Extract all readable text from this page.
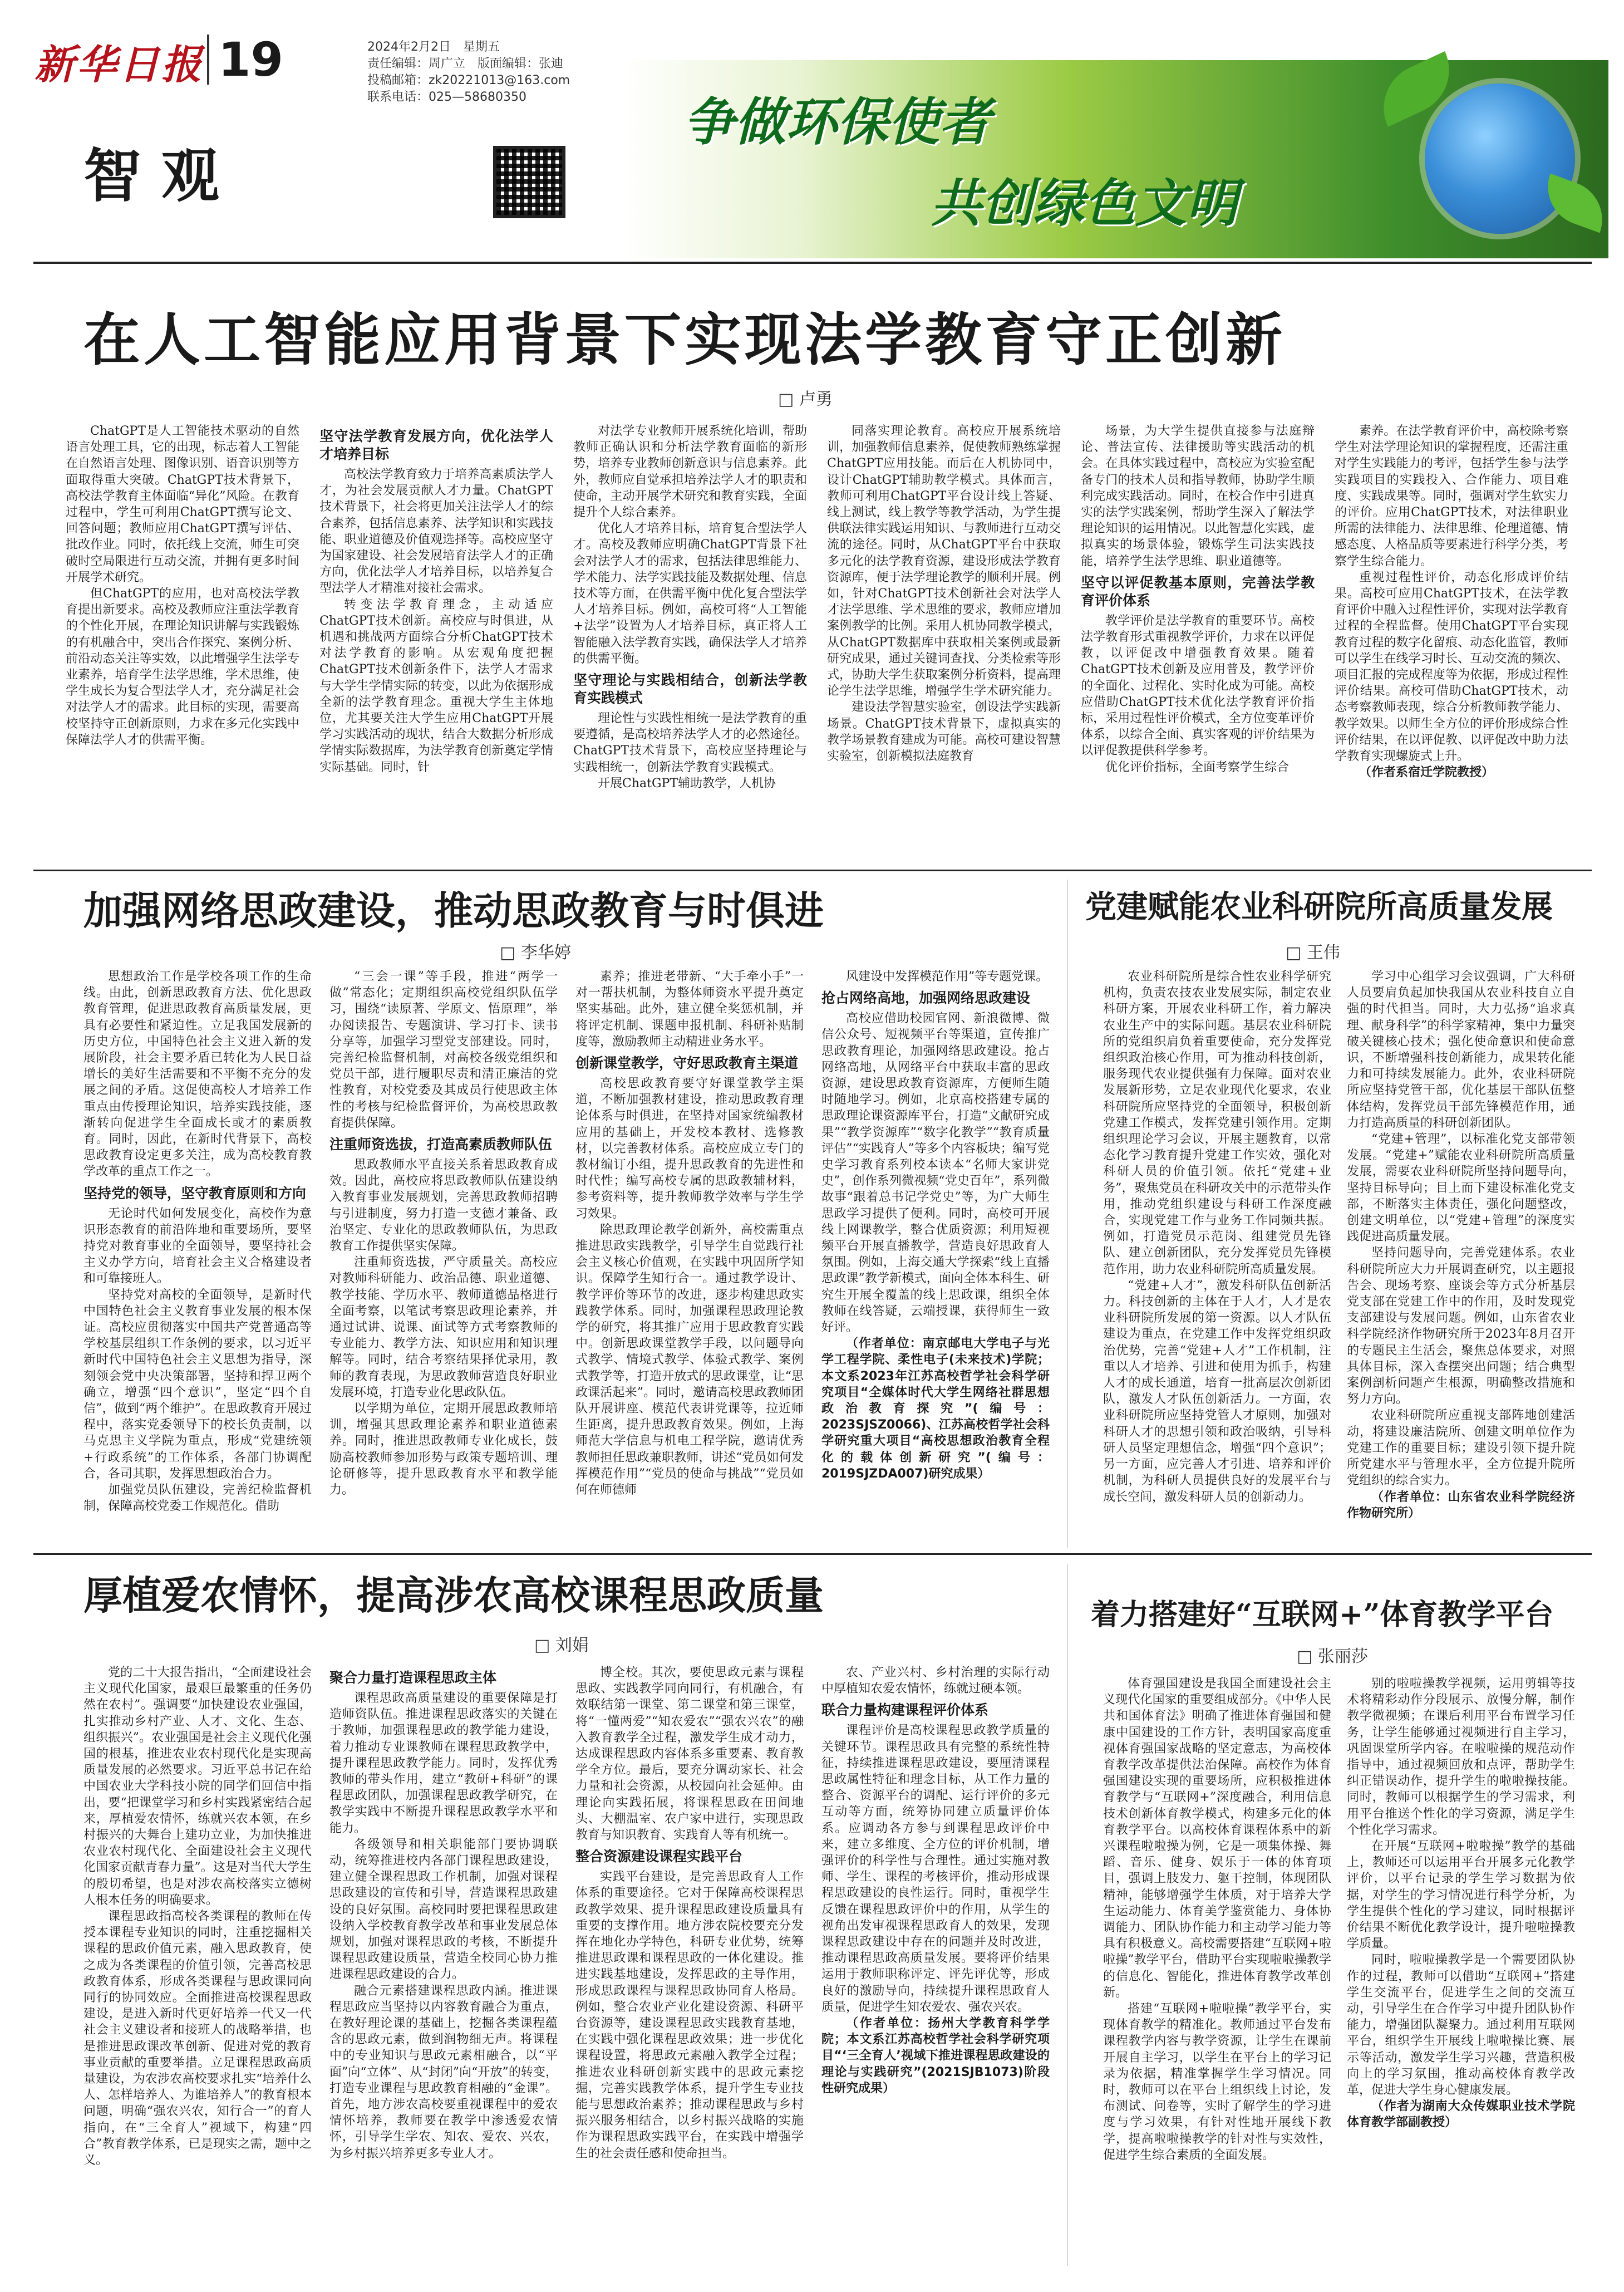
新华日报 19	2024年2月2日　星期五
责任编辑：周广立　版面编辑：张迪
投稿邮箱：zk20221013@163.com
联系电话：025—58680350
智观
争做环保使者
共创绿色文明
在人工智能应用背景下实现法学教育守正创新
□ 卢勇

ChatGPT是人工智能技术驱动的自然语言处理工具，它的出现，标志着人工智能在自然语言处理、图像识别、语音识别等方面取得重大突破。ChatGPT技术背景下，高校法学教育主体面临“异化”风险。在教育过程中，学生可利用ChatGPT撰写论文、回答问题；教师应用ChatGPT撰写评估、批改作业。同时，依托线上交流，师生可突破时空局限进行互动交流，并拥有更多时间开展学术研究。

但ChatGPT的应用，也对高校法学教育提出新要求。高校及教师应注重法学教育的个性化开展，在理论知识讲解与实践锻炼的有机融合中，突出合作探究、案例分析、前沿动态关注等实效，以此增强学生法学专业素养，培育学生法学思维，学术思维，使学生成长为复合型法学人才，充分满足社会对法学人才的需求。此目标的实现，需要高校坚持守正创新原则，力求在多元化实践中保障法学人才的供需平衡。

坚守法学教育发展方向，优化法学人才培养目标

高校法学教育致力于培养高素质法学人才，为社会发展贡献人才力量。ChatGPT技术背景下，社会将更加关注法学人才的综合素养，包括信息素养、法学知识和实践技能、职业道德及价值观选择等。高校应坚守为国家建设、社会发展培育法学人才的正确方向，优化法学人才培养目标，以培养复合型法学人才精准对接社会需求。

转变法学教育理念，主动适应ChatGPT技术创新。高校应与时俱进，从机遇和挑战两方面综合分析ChatGPT技术对法学教育的影响。从宏观角度把握ChatGPT技术创新条件下，法学人才需求与大学生学情实际的转变，以此为依据形成全新的法学教育理念。重视大学生主体地位，尤其要关注大学生应用ChatGPT开展学习实践活动的现状，结合大数据分析形成学情实际数据库，为法学教育创新奠定学情实际基础。同时，针

对法学专业教师开展系统化培训，帮助教师正确认识和分析法学教育面临的新形势，培养专业教师创新意识与信息素养。此外，教师应自觉承担培养法学人才的职责和使命，主动开展学术研究和教育实践，全面提升个人综合素养。

优化人才培养目标，培育复合型法学人才。高校及教师应明确ChatGPT背景下社会对法学人才的需求，包括法律思维能力、学术能力、法学实践技能及数据处理、信息技术等方面，在供需平衡中优化复合型法学人才培养目标。例如，高校可将“人工智能+法学”设置为人才培养目标，真正将人工智能融入法学教育实践，确保法学人才培养的供需平衡。

坚守理论与实践相结合，创新法学教育实践模式

理论性与实践性相统一是法学教育的重要遵循，是高校培养法学人才的必然途径。ChatGPT技术背景下，高校应坚持理论与实践相统一，创新法学教育实践模式。

开展ChatGPT辅助教学，人机协

同落实理论教育。高校应开展系统培训，加强教师信息素养，促使教师熟练掌握ChatGPT应用技能。而后在人机协同中，设计ChatGPT辅助教学模式。具体而言，教师可利用ChatGPT平台设计线上答疑、线上测试，线上教学等教学活动，为学生提供联法律实践运用知识、与教师进行互动交流的途径。同时，从ChatGPT平台中获取多元化的法学教育资源，建设形成法学教育资源库，便于法学理论教学的顺利开展。例如，针对ChatGPT技术创新社会对法学人才法学思维、学术思维的要求，教师应增加案例教学的比例。采用人机协同教学模式，从ChatGPT数据库中获取相关案例或最新研究成果，通过关键词查找、分类检索等形式，协助大学生获取案例分析资料，提高理论学生法学思维，增强学生学术研究能力。

建设法学智慧实验室，创设法学实践新场景。ChatGPT技术背景下，虚拟真实的教学场景教育建成为可能。高校可建设智慧实验室，创新模拟法庭教育

场景，为大学生提供直接参与法庭辩论、普法宣传、法律援助等实践活动的机会。在具体实践过程中，高校应为实验室配备专门的技术人员和指导教师，协助学生顺利完成实践活动。同时，在校合作中引进真实的法学实践案例，帮助学生深入了解法学理论知识的运用情况。以此智慧化实践，虚拟真实的场景体验，锻炼学生司法实践技能，培养学生法学思维、职业道德等。

坚守以评促教基本原则，完善法学教育评价体系

教学评价是法学教育的重要环节。高校法学教育形式重视教学评价，力求在以评促教，以评促改中增强教育效果。随着ChatGPT技术创新及应用普及，教学评价的全面化、过程化、实时化成为可能。高校应借助ChatGPT技术优化法学教育评价指标，采用过程性评价模式，全方位变革评价体系，以综合全面、真实客观的评价结果为以评促教提供科学参考。

优化评价指标，全面考察学生综合

素养。在法学教育评价中，高校除考察学生对法学理论知识的掌握程度，还需注重对学生实践能力的考评，包括学生参与法学实践项目的实践投入、合作能力、项目难度、实践成果等。同时，强调对学生软实力的评价。应用ChatGPT技术，对法律职业所需的法律能力、法律思维、伦理道德、情感态度、人格品质等要素进行科学分类，考察学生综合能力。

重视过程性评价，动态化形成评价结果。高校可应用ChatGPT技术，在法学教育评价中融入过程性评价，实现对法学教育过程的全程监督。使用ChatGPT平台实现教育过程的数字化留痕、动态化监管，教师可以学生在线学习时长、互动交流的频次、项目汇报的完成程度等为依据，形成过程性评价结果。高校可借助ChatGPT技术，动态考察教师表现，综合分析教师教学能力、教学效果。以师生全方位的评价形成综合性评价结果，在以评促教、以评促改中助力法学教育实现螺旋式上升。

（作者系宿迁学院教授）

加强网络思政建设，推动思政教育与时俱进
□ 李华婷

思想政治工作是学校各项工作的生命线。由此，创新思政教育方法、优化思政教育管理，促进思政教育高质量发展，更具有必要性和紧迫性。立足我国发展新的历史方位，中国特色社会主义进入新的发展阶段，社会主要矛盾已转化为人民日益增长的美好生活需要和不平衡不充分的发展之间的矛盾。这促使高校人才培养工作重点由传授理论知识，培养实践技能，逐渐转向促进学生全面成长或才的素质教育。同时，因此，在新时代背景下，高校思政教育设定更多关注，成为高校教育教学改革的重点工作之一。

坚持党的领导，坚守教育原则和方向

无论时代如何发展变化，高校作为意识形态教育的前沿阵地和重要场所，要坚持党对教育事业的全面领导，要坚持社会主义办学方向，培育社会主义合格建设者和可靠接班人。

坚持党对高校的全面领导，是新时代中国特色社会主义教育事业发展的根本保证。高校应贯彻落实中国共产党普通高等学校基层组织工作条例的要求，以习近平新时代中国特色社会主义思想为指导，深刻领会党中央决策部署，坚持和捍卫两个确立，增强“四个意识”，坚定“四个自信”，做到“两个维护”。在思政教育开展过程中，落实党委领导下的校长负责制，以马克思主义学院为重点，形成“党建统领+行政系统”的工作体系，各部门协调配合，各司其职，发挥思想政治合力。

加强党员队伍建设，完善纪检监督机制，保障高校党委工作规范化。借助

“三会一课”等手段，推进“两学一做”常态化；定期组织高校党组织队伍学习，围绕“读原著、学原文、悟原理”，举办阅读报告、专题演讲、学习打卡、读书分享等，加强学习型党支部建设。同时，完善纪检监督机制，对高校各级党组织和党员干部，进行履职尽责和清正廉洁的党性教育，对校党委及其成员行使思政主体性的考核与纪检监督评价，为高校思政教育提供保障。

注重师资选拔，打造高素质教师队伍

思政教师水平直接关系着思政教育成效。因此，高校应将思政教师队伍建设纳入教育事业发展规划，完善思政教师招聘与引进制度，努力打造一支德才兼备、政治坚定、专业化的思政教师队伍，为思政教育工作提供坚实保障。

注重师资选拔，严守质量关。高校应对教师科研能力、政治品德、职业道德、教学技能、学历水平、教师道德品格进行全面考察，以笔试考察思政理论素养，并通过试讲、说课、面试等方式考察教师的专业能力、教学方法、知识应用和知识理解等。同时，结合考察结果择优录用，教师的教育表现，为思政教师营造良好职业发展环境，打造专业化思政队伍。

以学期为单位，定期开展思政教师培训，增强其思政理论素养和职业道德素养。同时，推进思政教师专业化成长，鼓励高校教师参加形势与政策专题培训、理论研修等，提升思政教育水平和教学能力。

素养；推进老带新、“大手牵小手”一对一帮扶机制，为整体师资水平提升奠定坚实基础。此外，建立健全奖惩机制，并将评定机制、课题申报机制、科研补贴制度等，激励教师主动精进业务水平。

创新课堂教学，守好思政教育主渠道

高校思政教育要守好课堂教学主渠道，不断加强教材建设，推动思政教育理论体系与时俱进，在坚持对国家统编教材应用的基础上，开发校本教材、选修教材，以完善教材体系。高校应成立专门的教材编订小组，提升思政教育的先进性和时代性；编写高校专属的思政教辅材料，参考资料等，提升教师教学效率与学生学习效果。

除思政理论教学创新外，高校需重点推进思政实践教学，引导学生自觉践行社会主义核心价值观，在实践中巩固所学知识。保障学生知行合一。通过教学设计、教学评价等环节的改进，逐步构建思政实践教学体系。同时，加强课程思政理论教学的研究，将其推广应用于思政教育实践中。创新思政课堂教学手段，以问题导向式教学、情境式教学、体验式教学、案例式教学等，打造开放式的思政课堂，让“思政课活起来”。同时，邀请高校思政教师团队开展讲座、模范代表讲党课等，拉近师生距离，提升思政教育效果。例如，上海师范大学信息与机电工程学院，邀请优秀教师担任思政兼职教师，讲述“党员如何发挥模范作用”“党员的使命与挑战”“党员如何在师德师

风建设中发挥模范作用”等专题党课。

抢占网络高地，加强网络思政建设

高校应借助校园官网、新浪微博、微信公众号、短视频平台等渠道，宣传推广思政教育理论，加强网络思政建设。抢占网络高地，从网络平台中获取丰富的思政资源，建设思政教育资源库，方便师生随时随地学习。例如，北京高校搭建专属的思政理论课资源库平台，打造“文献研究成果”“教学资源库”“数字化教学”“教育质量评估”“实践育人”等多个内容板块；编写党史学习教育系列校本读本“名师大家讲党史”，创作系列微视频“党史百年”，系列微故事“跟着总书记学党史”等，为广大师生思政学习提供了便利。同时，高校可开展线上网课教学，整合优质资源；利用短视频平台开展直播教学，营造良好思政育人氛围。例如，上海交通大学探索“线上直播思政课”教学新模式，面向全体本科生、研究生开展全覆盖的线上思政课，组织全体教师在线答疑，云端授课，获得师生一致好评。

（作者单位：南京邮电大学电子与光学工程学院、柔性电子(未来技术)学院；本文系2023年江苏高校哲学社会科学研究项目“全媒体时代大学生网络社群思想政治教育探究”(编号：2023SJSZ0066)、江苏高校哲学社会科学研究重大项目“高校思想政治教育全程化的载体创新研究”(编号：2019SJZDA007)研究成果）

党建赋能农业科研院所高质量发展
□ 王伟

农业科研院所是综合性农业科学研究机构，负责农技农业发展实际，制定农业科研方案，开展农业科研工作，着力解决农业生产中的实际问题。基层农业科研院所的党组织肩负着重要使命，充分发挥党组织政治核心作用，可为推动科技创新，服务现代农业提供强有力保障。面对农业发展新形势，立足农业现代化要求，农业科研院所应坚持党的全面领导，积极创新党建工作模式，发挥党建引领作用。定期组织理论学习会议，开展主题教育，以常态化学习教育提升党建工作实效，强化对科研人员的价值引领。依托“党建+业务”，聚焦党员在科研攻关中的示范带头作用，推动党组织建设与科研工作深度融合，实现党建工作与业务工作同频共振。例如，打造党员示范岗、组建党员先锋队、建立创新团队，充分发挥党员先锋模范作用，助力农业科研院所高质量发展。

“党建+人才”，激发科研队伍创新活力。科技创新的主体在于人才，人才是农业科研院所发展的第一资源。以人才队伍建设为重点，在党建工作中发挥党组织政治优势，完善“党建+人才”工作机制，注重以人才培养、引进和使用为抓手，构建人才的成长通道，培育一批高层次创新团队，激发人才队伍创新活力。一方面，农业科研院所应坚持党管人才原则，加强对科研人才的思想引领和政治吸纳，引导科研人员坚定理想信念，增强“四个意识”；另一方面，应完善人才引进、培养和评价机制，为科研人员提供良好的发展平台与成长空间，激发科研人员的创新动力。

学习中心组学习会议强调，广大科研人员要肩负起加快我国从农业科技自立自强的时代担当。同时，大力弘扬“追求真理、献身科学”的科学家精神，集中力量突破关键核心技术；强化使命意识和使命意识，不断增强科技创新能力，成果转化能力和可持续发展能力。此外，农业科研院所应坚持党管干部，优化基层干部队伍整体结构，发挥党员干部先锋模范作用，通力打造高质量的科研创新团队。

“党建+管理”，以标准化党支部带领发展。“党建+”赋能农业科研院所高质量发展，需要农业科研院所坚持问题导向，坚持目标导向；目上而下建设标准化党支部，不断落实主体责任，强化问题整改，创建文明单位，以“党建+管理”的深度实践促进高质量发展。

坚持问题导向，完善党建体系。农业科研院所应大力开展调查研究，以主题报告会、现场考察、座谈会等方式分析基层党支部在党建工作中的作用，及时发现党支部建设与发展问题。例如，山东省农业科学院经济作物研究所于2023年8月召开的专题民主生活会，聚焦总体要求，对照具体目标，深入查摆突出问题；结合典型案例剖析问题产生根源，明确整改措施和努力方向。

农业科研院所应重视支部阵地创建活动，将建设廉洁院所、创建文明单位作为党建工作的重要目标；建设引领下提升院所党建水平与管理水平，全方位提升院所党组织的综合实力。

（作者单位：山东省农业科学院经济作物研究所）

厚植爱农情怀，提高涉农高校课程思政质量
□ 刘娟

党的二十大报告指出，“全面建设社会主义现代化国家，最艰巨最繁重的任务仍然在农村”。强调要“加快建设农业强国，扎实推动乡村产业、人才、文化、生态、组织振兴”。农业强国是社会主义现代化强国的根基，推进农业农村现代化是实现高质量发展的必然要求。习近平总书记在给中国农业大学科技小院的同学们回信中指出，要“把课堂学习和乡村实践紧密结合起来，厚植爱农情怀，练就兴农本领，在乡村振兴的大舞台上建功立业，为加快推进农业农村现代化、全面建设社会主义现代化国家贡献青春力量”。这是对当代大学生的殷切希望，也是对涉农高校落实立德树人根本任务的明确要求。

课程思政指高校各类课程的教师在传授本课程专业知识的同时，注重挖掘相关课程的思政价值元素，融入思政教育，使之成为各类课程的价值引领，完善高校思政教育体系，形成各类课程与思政课同向同行的协同效应。全面推进高校课程思政建设，是进入新时代更好培养一代又一代社会主义建设者和接班人的战略举措，也是推进思政课改革创新、促进对党的教育事业贡献的重要举措。立足课程思政高质量建设，为农涉农高校要求扎实“培养什么人、怎样培养人、为谁培养人”的教育根本问题，明确“强农兴农，知行合一”的育人指向，在“三全育人”视域下，构建“四合”教育教学体系，已是现实之需，题中之义。

聚合力量打造课程思政主体

课程思政高质量建设的重要保障是打造师资队伍。推进课程思政落实的关键在于教师，加强课程思政的教学能力建设，着力推动专业课教师在课程思政教学中，提升课程思政教学能力。同时，发挥优秀教师的带头作用，建立“教研+科研”的课程思政团队，加强课程思政教学研究，在教学实践中不断提升课程思政教学水平和能力。

各级领导和相关职能部门要协调联动，统筹推进校内各部门课程思政建设，建立健全课程思政工作机制，加强对课程思政建设的宣传和引导，营造课程思政建设的良好氛围。高校同时要把课程思政建设纳入学校教育教学改革和事业发展总体规划，加强对课程思政的考核，不断提升课程思政建设质量，营造全校同心协力推进课程思政建设的合力。

融合元素搭建课程思政内涵。推进课程思政应当坚持以内容教育融合为重点，在教好理论课的基础上，挖掘各类课程蕴含的思政元素，做到润物细无声。将课程中的专业知识与思政元素相融合，以“平面”向“立体”、从“封闭”向“开放”的转变，打造专业课程与思政教育相融的“金课”。首先，地方涉农高校要重视课程中的爱农情怀培养，教师要在教学中渗透爱农情怀，引导学生学农、知农、爱农、兴农，为乡村振兴培养更多专业人才。

博全校。其次，要使思政元素与课程思政、实践教学同向同行，有机融合，有效联结第一课堂、第二课堂和第三课堂，将“一懂两爱”“知农爱农”“强农兴农”的融入教育教学全过程，激发学生成才动力，达成课程思政内容体系多重要素、教育教学全方位。最后，要充分调动家长、社会力量和社会资源，从校园向社会延伸。由理论向实践拓展，将课程思政在田间地头、大棚温室、农户家中进行，实现思政教育与知识教育、实践育人等有机统一。

整合资源建设课程实践平台

实践平台建设，是完善思政育人工作体系的重要途径。它对于保障高校课程思政教学效果、提升课程思政建设质量具有重要的支撑作用。地方涉农院校要充分发挥在地化办学特色，科研专业优势，统筹推进思政课和课程思政的一体化建设。推进实践基地建设，发挥思政的主导作用，形成思政课程与课程思政协同育人格局。例如，整合农业产业化建设资源、科研平台资源等，建设课程思政实践教育基地，在实践中强化课程思政效果；进一步优化课程设置，将思政元素融入教学全过程；推进农业科研创新实践中的思政元素挖掘，完善实践教学体系，提升学生专业技能与思想政治素养；推动课程思政与乡村振兴服务相结合，以乡村振兴战略的实施作为课程思政实践平台，在实践中增强学生的社会责任感和使命担当。

农、产业兴村、乡村治理的实际行动中厚植知农爱农情怀，练就过硬本领。

联合力量构建课程评价体系

课程评价是高校课程思政教学质量的关键环节。课程思政具有完整的系统性特征，持续推进课程思政建设，要厘清课程思政属性特征和理念目标，从工作力量的整合、资源平台的调配、运行评价的多元互动等方面，统筹协同建立质量评价体系。应调动各方参与到课程思政评价中来，建立多维度、全方位的评价机制，增强评价的科学性与合理性。通过实施对教师、学生、课程的考核评价，推动形成课程思政建设的良性运行。同时，重视学生反馈在课程思政评价中的作用，从学生的视角出发审视课程思政育人的效果，发现课程思政建设中存在的问题并及时改进，推动课程思政高质量发展。要将评价结果运用于教师职称评定、评先评优等，形成良好的激励导向，持续提升课程思政育人质量，促进学生知农爱农、强农兴农。

（作者单位：扬州大学教育科学学院；本文系江苏高校哲学社会科学研究项目“‘三全育人’视域下推进课程思政建设的理论与实践研究”(2021SJB1073)阶段性研究成果）

着力搭建好“互联网+”体育教学平台
□ 张丽莎

体育强国建设是我国全面建设社会主义现代化国家的重要组成部分。《中华人民共和国体育法》明确了推进体育强国和健康中国建设的工作方针，表明国家高度重视体育强国家战略的坚定意志，为高校体育教学改革提供法治保障。高校作为体育强国建设实现的重要场所，应积极推进体育教学与“互联网+”深度融合，利用信息技术创新体育教学模式，构建多元化的体育教学平台。以高校体育课程体系中的新兴课程啦啦操为例，它是一项集体操、舞蹈、音乐、健身、娱乐于一体的体育项目，强调上肢发力、躯干控制，体现团队精神，能够增强学生体质，对于培养大学生运动能力、体育美学鉴赏能力、身体协调能力、团队协作能力和主动学习能力等具有积极意义。高校需要搭建“互联网+啦啦操”教学平台，借助平台实现啦啦操教学的信息化、智能化，推进体育教学改革创新。

搭建“互联网+啦啦操”教学平台，实现体育教学的精准化。教师通过平台发布课程教学内容与教学资源，让学生在课前开展自主学习，以学生在平台上的学习记录为依据，精准掌握学生学习情况。同时，教师可以在平台上组织线上讨论，发布测试、问卷等，实时了解学生的学习进度与学习效果，有针对性地开展线下教学，提高啦啦操教学的针对性与实效性，促进学生综合素质的全面发展。

别的啦啦操教学视频，运用剪辑等技术将精彩动作分段展示、放慢分解，制作教学微视频；在课后利用平台布置学习任务，让学生能够通过视频进行自主学习，巩固课堂所学内容。在啦啦操的规范动作指导中，通过视频回放和点评，帮助学生纠正错误动作，提升学生的啦啦操技能。同时，教师可以根据学生的学习需求，利用平台推送个性化的学习资源，满足学生个性化学习需求。

在开展“互联网+啦啦操”教学的基础上，教师还可以运用平台开展多元化教学评价，以平台记录的学生学习数据为依据，对学生的学习情况进行科学分析，为学生提供个性化的学习建议，同时根据评价结果不断优化教学设计，提升啦啦操教学质量。

同时，啦啦操教学是一个需要团队协作的过程，教师可以借助“互联网+”搭建学生交流平台，促进学生之间的交流互动，引导学生在合作学习中提升团队协作能力，增强团队凝聚力。通过利用互联网平台，组织学生开展线上啦啦操比赛、展示等活动，激发学生学习兴趣，营造积极向上的学习氛围，推动高校体育教学改革，促进大学生身心健康发展。

（作者为湖南大众传媒职业技术学院体育教学部副教授）
